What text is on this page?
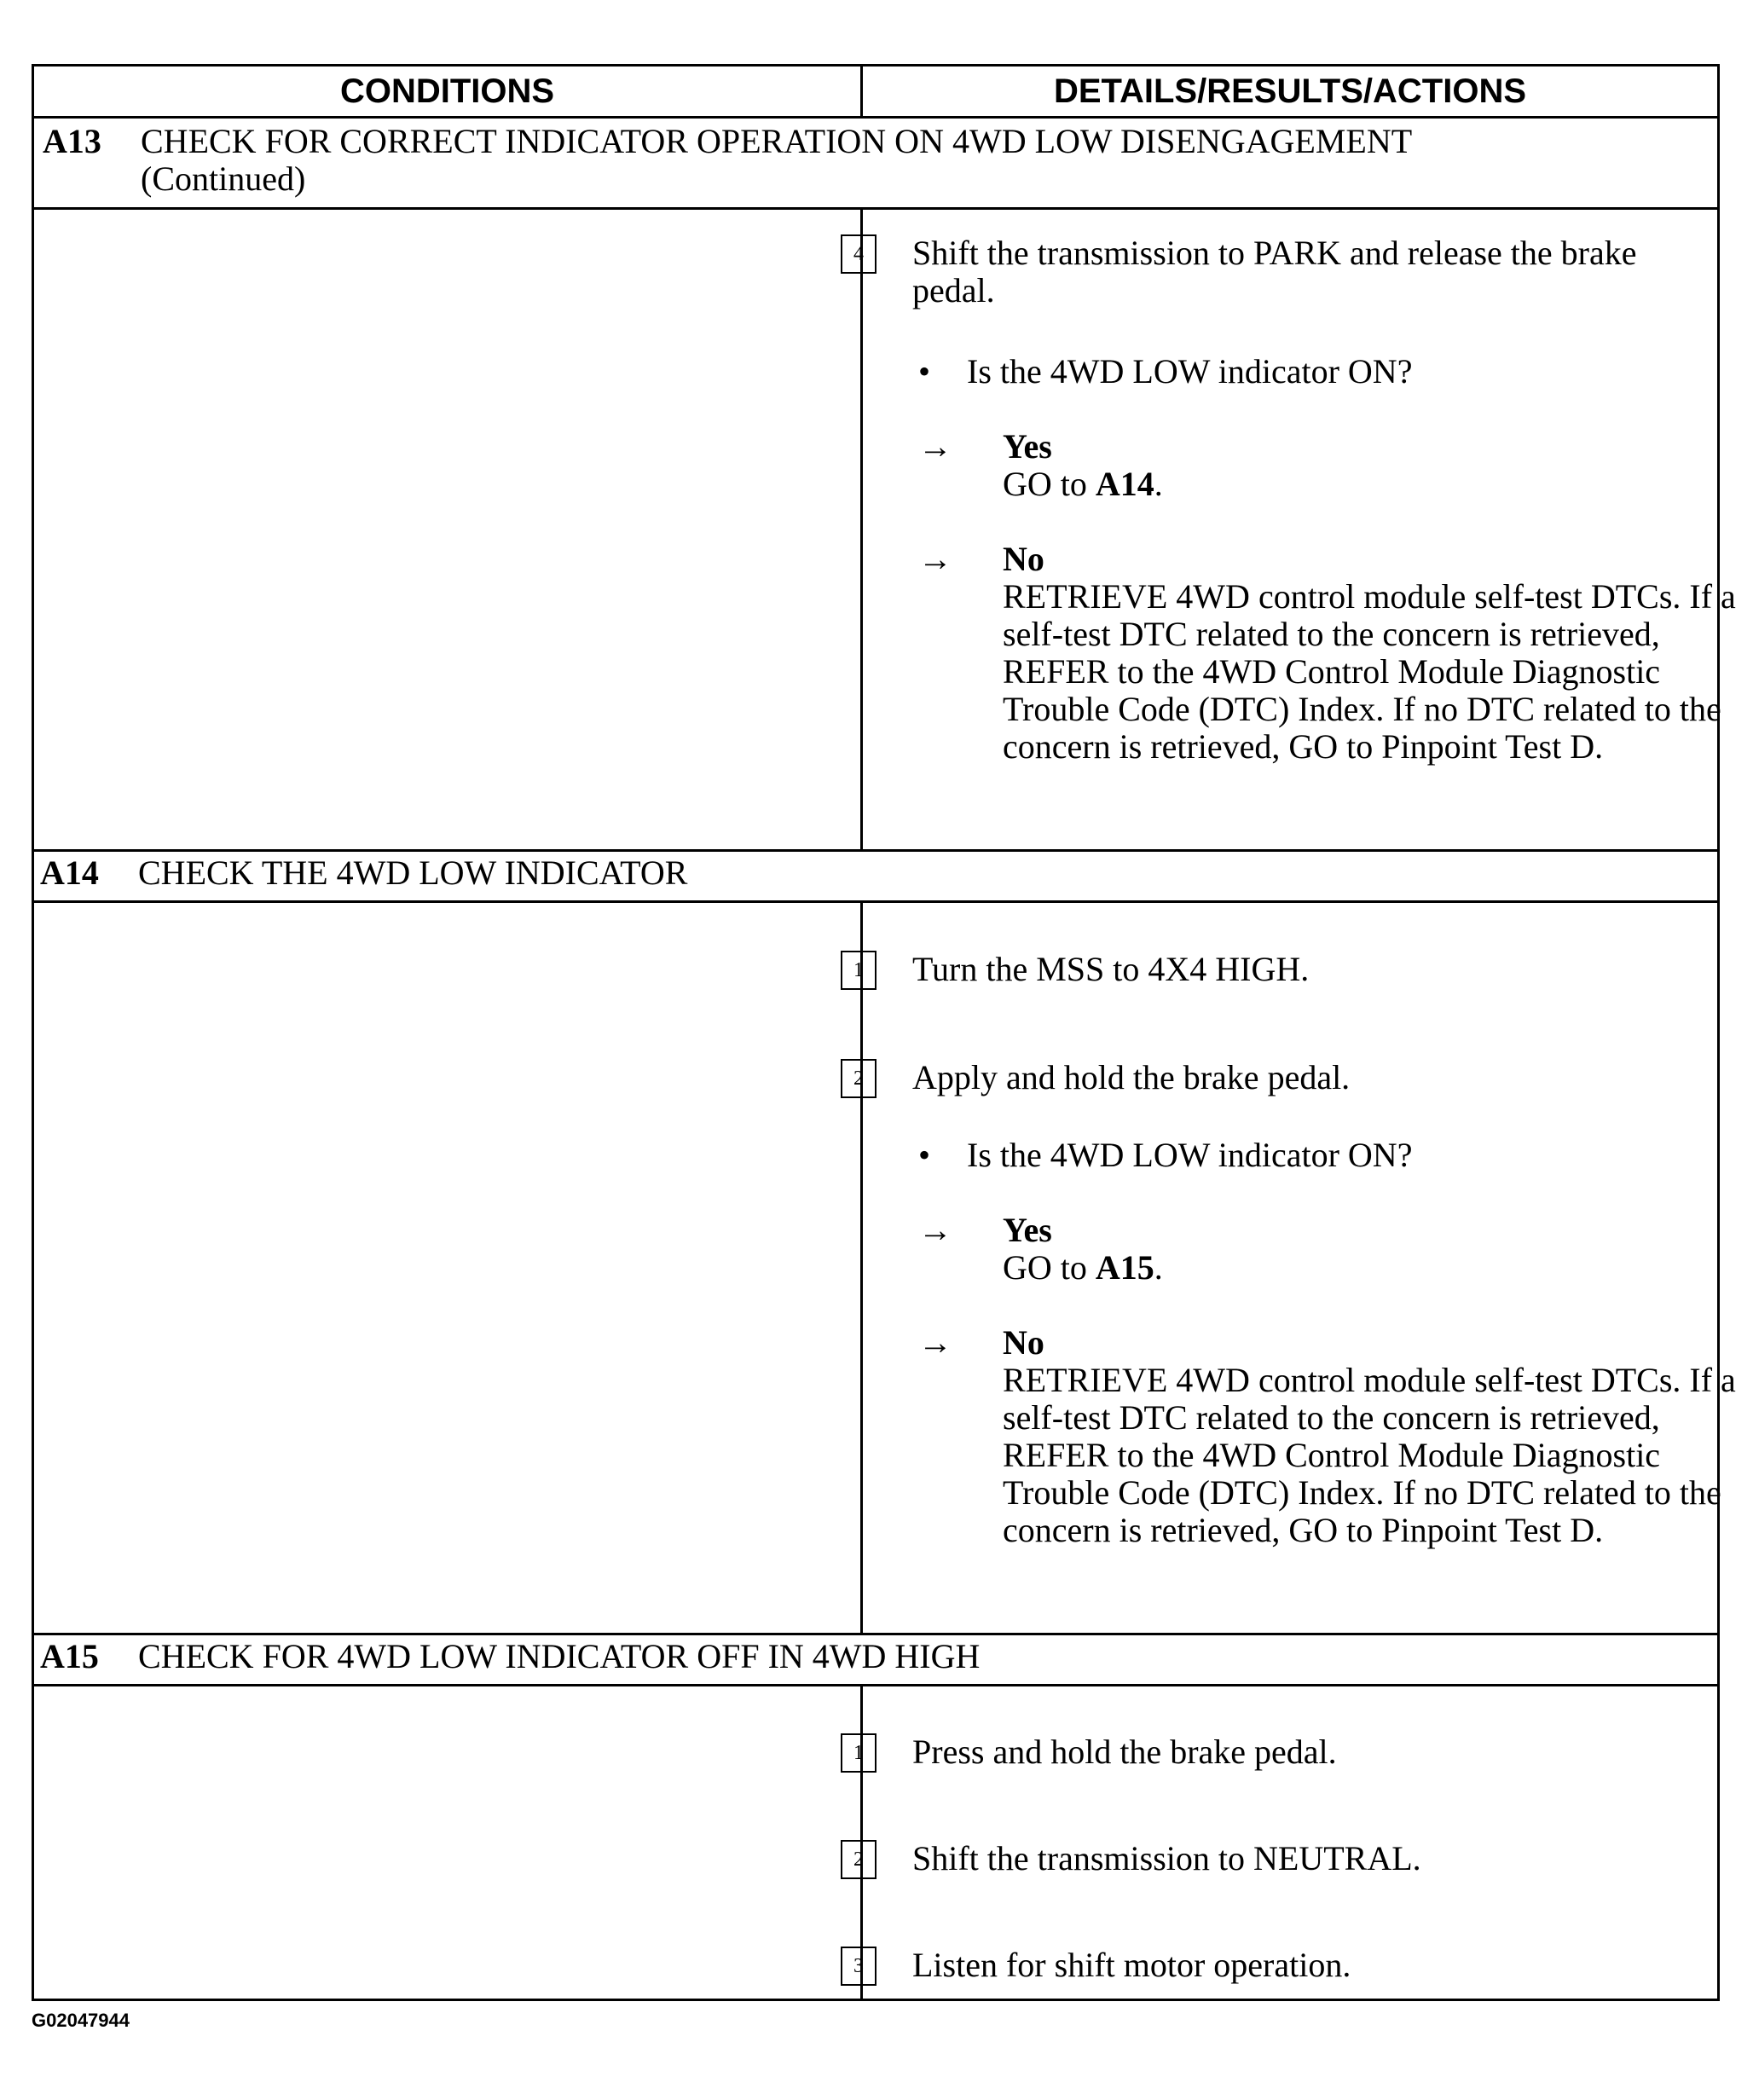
CONDITIONS	DETAILS/RESULTS/ACTIONS
A13 CHECK FOR CORRECT INDICATOR OPERATION ON 4WD LOW DISENGAGEMENT
(Continued)
4	Shift the transmission to PARK and release the brake pedal.
• Is the 4WD LOW indicator ON?
→ Yes
GO to A14.
→ No
RETRIEVE 4WD control module self-test DTCs. If a self-test DTC related to the concern is retrieved, REFER to the 4WD Control Module Diagnostic Trouble Code (DTC) Index. If no DTC related to the concern is retrieved, GO to Pinpoint Test D.
A14 CHECK THE 4WD LOW INDICATOR
1	Turn the MSS to 4X4 HIGH.
2	Apply and hold the brake pedal.
• Is the 4WD LOW indicator ON?
→ Yes
GO to A15.
→ No
RETRIEVE 4WD control module self-test DTCs. If a self-test DTC related to the concern is retrieved, REFER to the 4WD Control Module Diagnostic Trouble Code (DTC) Index. If no DTC related to the concern is retrieved, GO to Pinpoint Test D.
A15 CHECK FOR 4WD LOW INDICATOR OFF IN 4WD HIGH
1	Press and hold the brake pedal.
2	Shift the transmission to NEUTRAL.
3	Listen for shift motor operation.
G02047944
